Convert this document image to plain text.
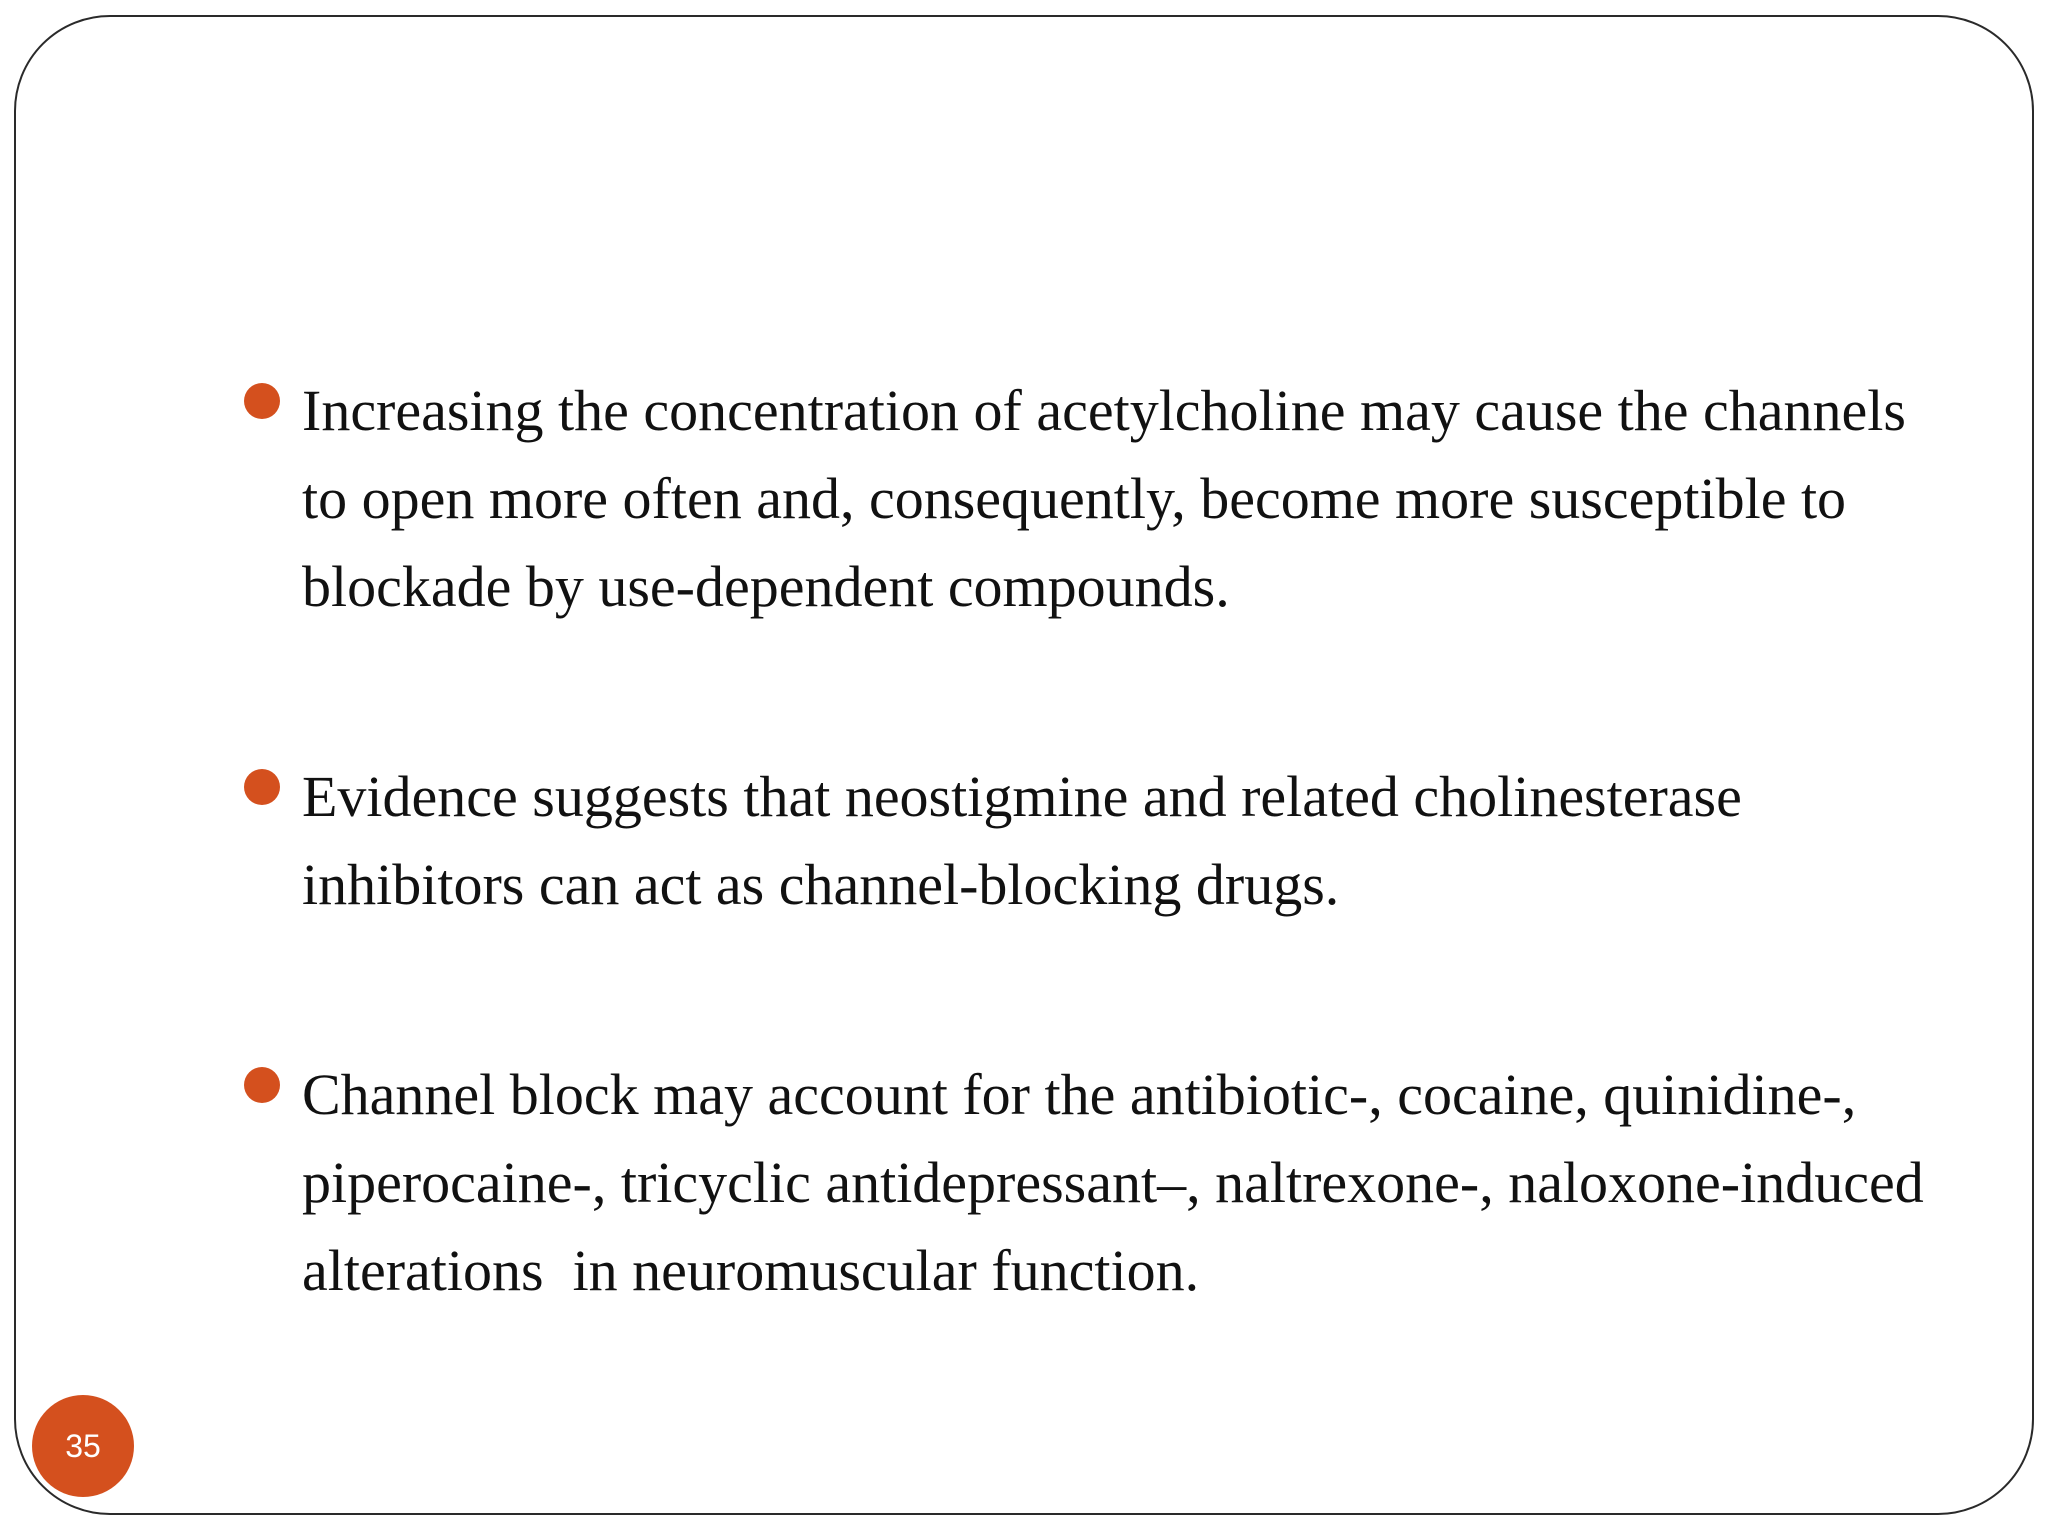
Increasing the concentration of acetylcholine may cause the channels to open more often and, consequently, become more susceptible to blockade by use-dependent compounds.
Evidence suggests that neostigmine and related cholinesterase inhibitors can act as channel-blocking drugs.
Channel block may account for the antibiotic-, cocaine, quinidine-, piperocaine-, tricyclic antidepressant–, naltrexone-, naloxone-induced alterations  in neuromuscular function.
35
